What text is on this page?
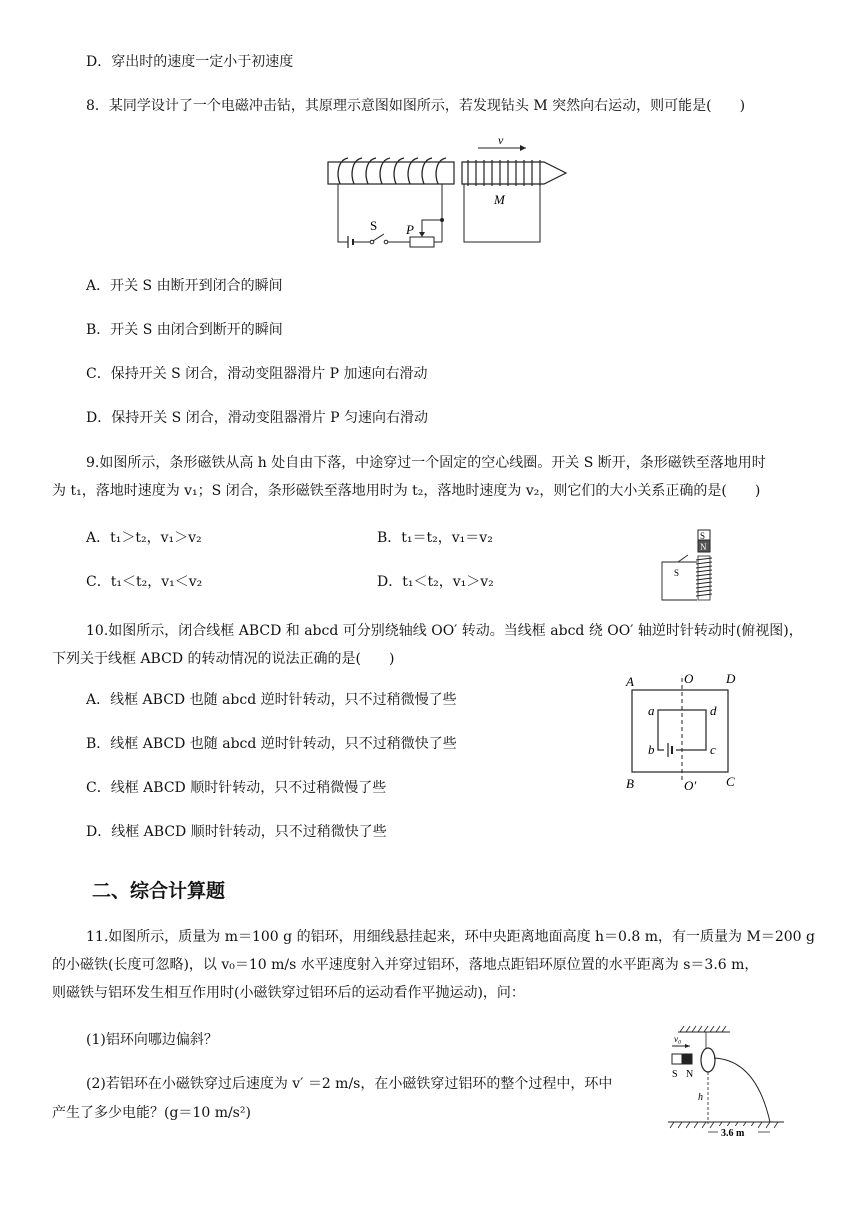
D．穿出时的速度一定小于初速度
8．某同学设计了一个电磁冲击钻，其原理示意图如图所示，若发现钻头 M 突然向右运动，则可能是(　　)
v
M
S P
A．开关 S 由断开到闭合的瞬间
B．开关 S 由闭合到断开的瞬间
C．保持开关 S 闭合，滑动变阻器滑片 P 加速向右滑动
D．保持开关 S 闭合，滑动变阻器滑片 P 匀速向右滑动
9.如图所示，条形磁铁从高 h 处自由下落，中途穿过一个固定的空心线圈。开关 S 断开，条形磁铁至落地用时
为 t₁，落地时速度为 v₁；S 闭合，条形磁铁至落地用时为 t₂，落地时速度为 v₂，则它们的大小关系正确的是(　　)
A．t₁＞t₂，v₁＞v₂	B．t₁＝t₂，v₁＝v₂
C．t₁＜t₂，v₁＜v₂	D．t₁＜t₂，v₁＞v₂
S
N
S
10.如图所示，闭合线框 ABCD 和 abcd 可分别绕轴线 OO′ 转动。当线框 abcd 绕 OO′ 轴逆时针转动时(俯视图)，
下列关于线框 ABCD 的转动情况的说法正确的是(　　)
A．线框 ABCD 也随 abcd 逆时针转动，只不过稍微慢了些
B．线框 ABCD 也随 abcd 逆时针转动，只不过稍微快了些
C．线框 ABCD 顺时针转动，只不过稍微慢了些
D．线框 ABCD 顺时针转动，只不过稍微快了些
A	O	D
a	d
b	c
B	O′ C
二、综合计算题
11.如图所示，质量为 m＝100 g 的铝环，用细线悬挂起来，环中央距离地面高度 h＝0.8 m，有一质量为 M＝200 g
的小磁铁(长度可忽略)，以 v₀＝10 m/s 水平速度射入并穿过铝环，落地点距铝环原位置的水平距离为 s＝3.6 m，
则磁铁与铝环发生相互作用时(小磁铁穿过铝环后的运动看作平抛运动)，问：
(1)铝环向哪边偏斜？
(2)若铝环在小磁铁穿过后速度为 v′ ＝2 m/s，在小磁铁穿过铝环的整个过程中，环中
产生了多少电能？(g＝10 m/s²)
S N
v₀
h
3.6 m
